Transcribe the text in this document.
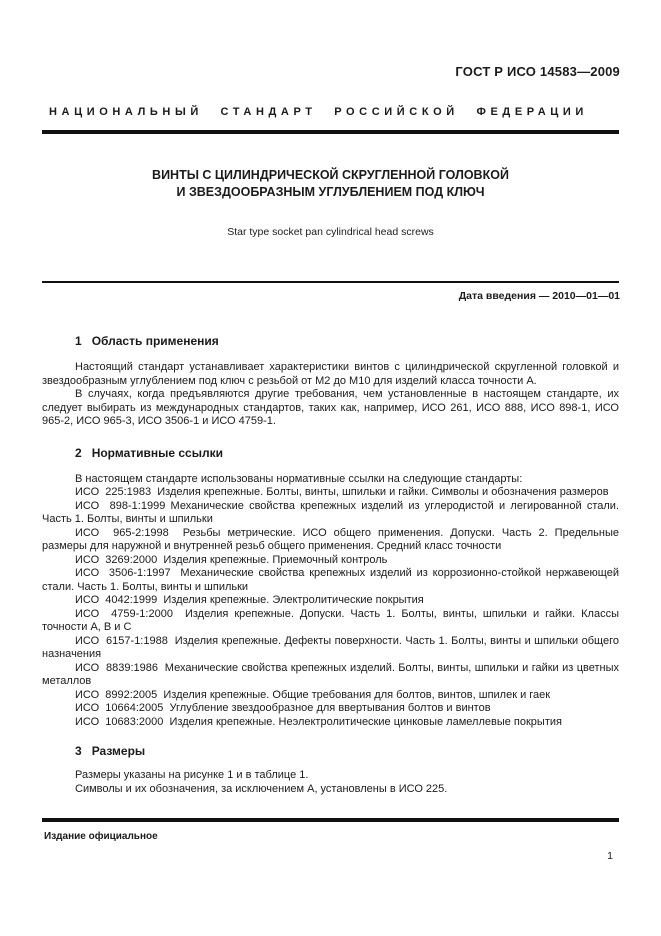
ГОСТ Р ИСО 14583—2009
НАЦИОНАЛЬНЫЙ СТАНДАРТ РОССИЙСКОЙ ФЕДЕРАЦИИ
ВИНТЫ С ЦИЛИНДРИЧЕСКОЙ СКРУГЛЕННОЙ ГОЛОВКОЙ
И ЗВЕЗДООБРАЗНЫМ УГЛУБЛЕНИЕМ ПОД КЛЮЧ
Star type socket pan cylindrical head screws
Дата введения — 2010—01—01
1 Область применения

Настоящий стандарт устанавливает характеристики винтов с цилиндрической скругленной головкой и звездообразным углублением под ключ с резьбой от М2 до М10 для изделий класса точности А.

В случаях, когда предъявляются другие требования, чем установленные в настоящем стандарте, их следует выбирать из международных стандартов, таких как, например, ИСО 261, ИСО 888, ИСО 898-1, ИСО 965-2, ИСО 965-3, ИСО 3506-1 и ИСО 4759-1.

2 Нормативные ссылки

В настоящем стандарте использованы нормативные ссылки на следующие стандарты:

ИСО  225:1983  Изделия крепежные. Болты, винты, шпильки и гайки. Символы и обозначения размеров

ИСО  898-1:1999 Механические свойства крепежных изделий из углеродистой и легированной стали. Часть 1. Болты, винты и шпильки

ИСО  965-2:1998  Резьбы метрические. ИСО общего применения. Допуски. Часть 2. Предельные размеры для наружной и внутренней резьб общего применения. Средний класс точности

ИСО  3269:2000  Изделия крепежные. Приемочный контроль

ИСО  3506-1:1997  Механические свойства крепежных изделий из коррозионно-стойкой нержавеющей стали. Часть 1. Болты, винты и шпильки

ИСО  4042:1999  Изделия крепежные. Электролитические покрытия

ИСО  4759-1:2000  Изделия крепежные. Допуски. Часть 1. Болты, винты, шпильки и гайки. Классы точности А, В и С

ИСО  6157-1:1988  Изделия крепежные. Дефекты поверхности. Часть 1. Болты, винты и шпильки общего назначения

ИСО  8839:1986  Механические свойства крепежных изделий. Болты, винты, шпильки и гайки из цветных металлов

ИСО  8992:2005  Изделия крепежные. Общие требования для болтов, винтов, шпилек и гаек

ИСО  10664:2005  Углубление звездообразное для ввертывания болтов и винтов

ИСО  10683:2000  Изделия крепежные. Неэлектролитические цинковые ламеллевые покрытия

3 Размеры

Размеры указаны на рисунке 1 и в таблице 1.

Символы и их обозначения, за исключением А, установлены в ИСО 225.

Издание официальное
1
